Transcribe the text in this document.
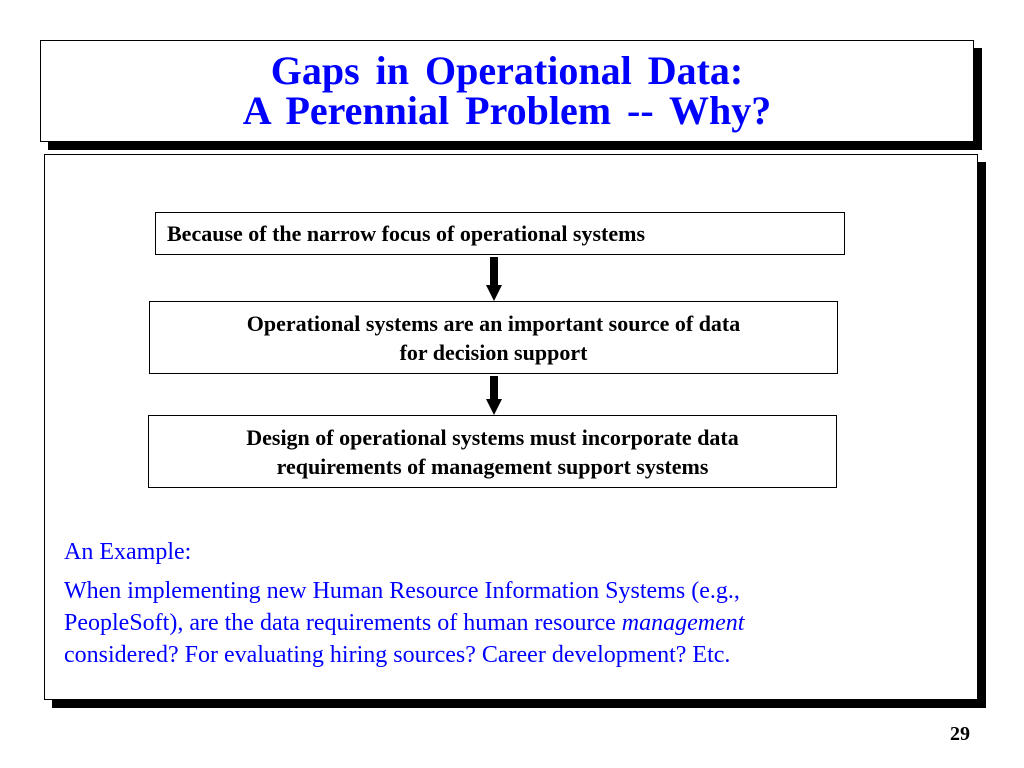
Gaps in Operational Data:
A Perennial Problem -- Why?
Because of the narrow focus of operational systems
Operational systems are an important source of data
for decision support
Design of operational systems must incorporate data
requirements of management support systems
An Example:
When implementing new Human Resource Information Systems (e.g.,
PeopleSoft), are the data requirements of human resource management
considered? For evaluating hiring sources? Career development? Etc.
29
